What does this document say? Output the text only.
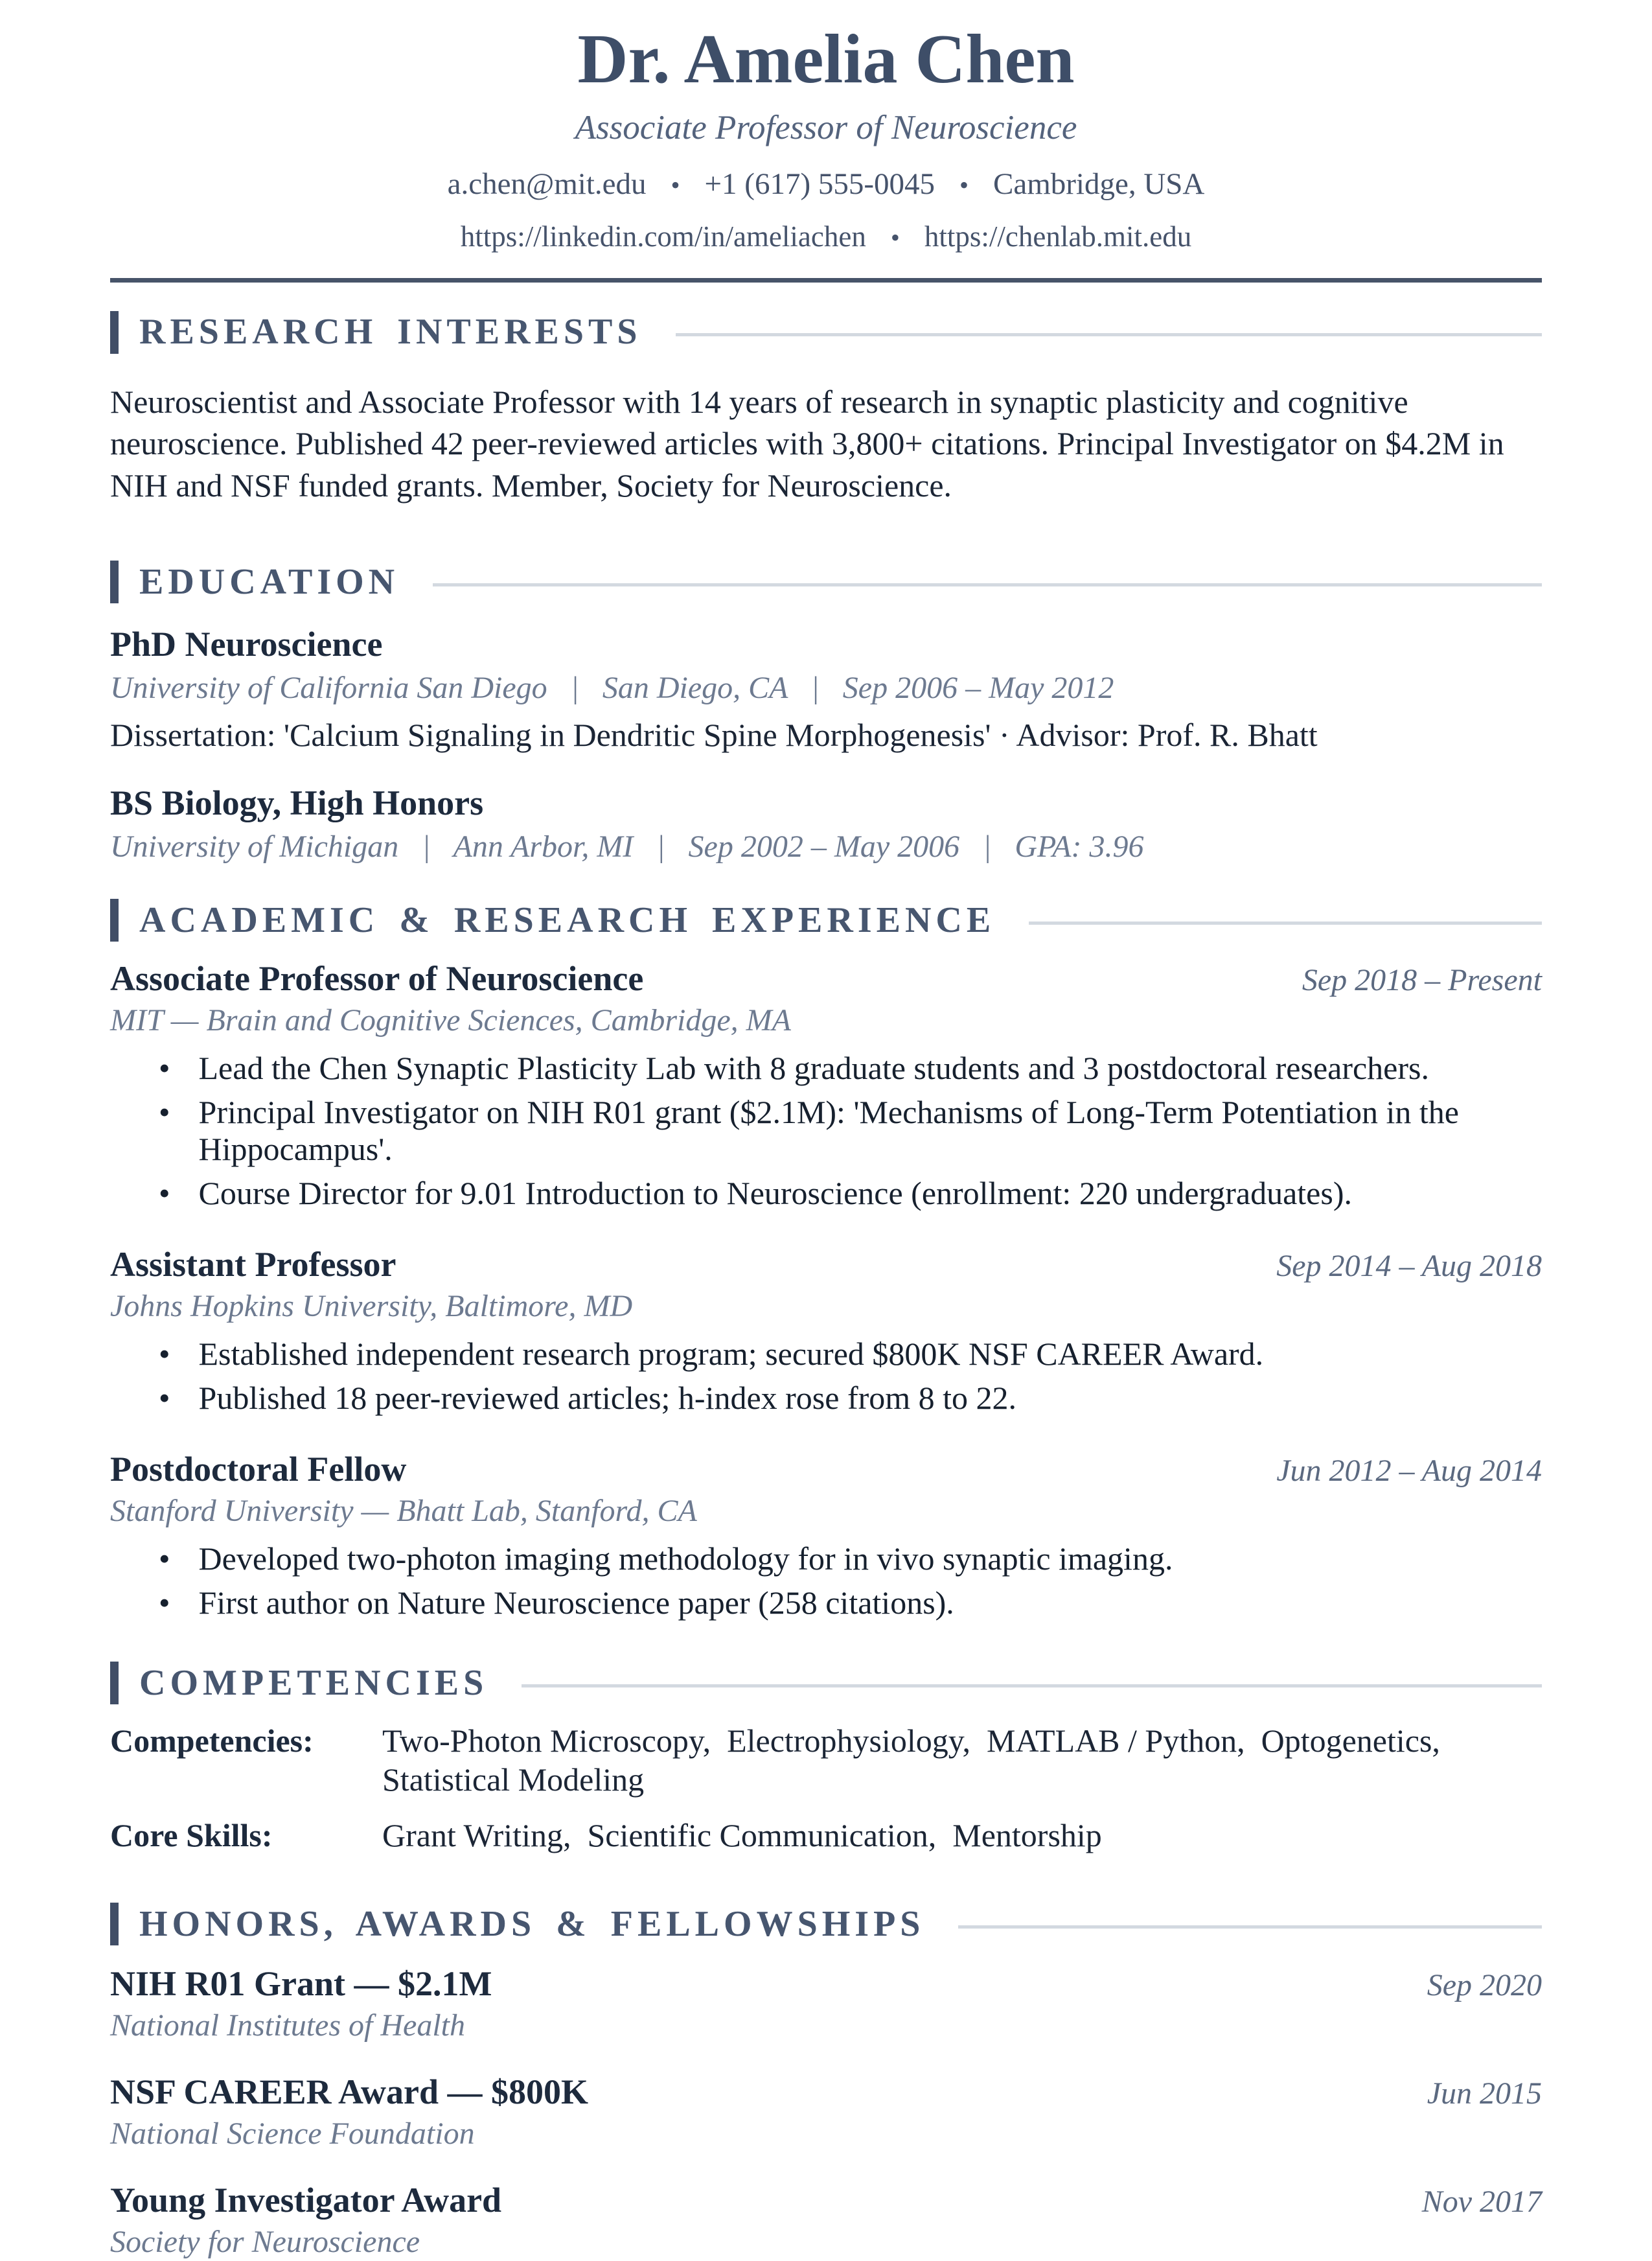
Dr. Amelia Chen
Associate Professor of Neuroscience
a.chen@mit.edu • +1 (617) 555-0045 • Cambridge, USA
https://linkedin.com/in/ameliachen • https://chenlab.mit.edu
RESEARCH INTERESTS

Neuroscientist and Associate Professor with 14 years of research in synaptic plasticity and cognitive neuroscience. Published 42 peer-reviewed articles with 3,800+ citations. Principal Investigator on $4.2M in NIH and NSF funded grants. Member, Society for Neuroscience.

EDUCATION
PhD Neuroscience
University of California San Diego   |   San Diego, CA   |   Sep 2006 – May 2012
Dissertation: 'Calcium Signaling in Dendritic Spine Morphogenesis' · Advisor: Prof. R. Bhatt
BS Biology, High Honors
University of Michigan   |   Ann Arbor, MI   |   Sep 2002 – May 2006   |   GPA: 3.96
ACADEMIC & RESEARCH EXPERIENCE
Associate Professor of Neuroscience	Sep 2018 – Present
MIT — Brain and Cognitive Sciences, Cambridge, MA
• Lead the Chen Synaptic Plasticity Lab with 8 graduate students and 3 postdoctoral researchers.
• Principal Investigator on NIH R01 grant ($2.1M): 'Mechanisms of Long-Term Potentiation in the Hippocampus'.
• Course Director for 9.01 Introduction to Neuroscience (enrollment: 220 undergraduates).
Assistant Professor	Sep 2014 – Aug 2018
Johns Hopkins University, Baltimore, MD
• Established independent research program; secured $800K NSF CAREER Award.
• Published 18 peer-reviewed articles; h-index rose from 8 to 22.
Postdoctoral Fellow	Jun 2012 – Aug 2014
Stanford University — Bhatt Lab, Stanford, CA
• Developed two-photon imaging methodology for in vivo synaptic imaging.
• First author on Nature Neuroscience paper (258 citations).
COMPETENCIES
Competencies:	Two-Photon Microscopy,  Electrophysiology,  MATLAB / Python,  Optogenetics,  Statistical Modeling
Core Skills:	Grant Writing,  Scientific Communication,  Mentorship
HONORS, AWARDS & FELLOWSHIPS
NIH R01 Grant — $2.1M	Sep 2020
National Institutes of Health
NSF CAREER Award — $800K	Jun 2015
National Science Foundation
Young Investigator Award	Nov 2017
Society for Neuroscience
